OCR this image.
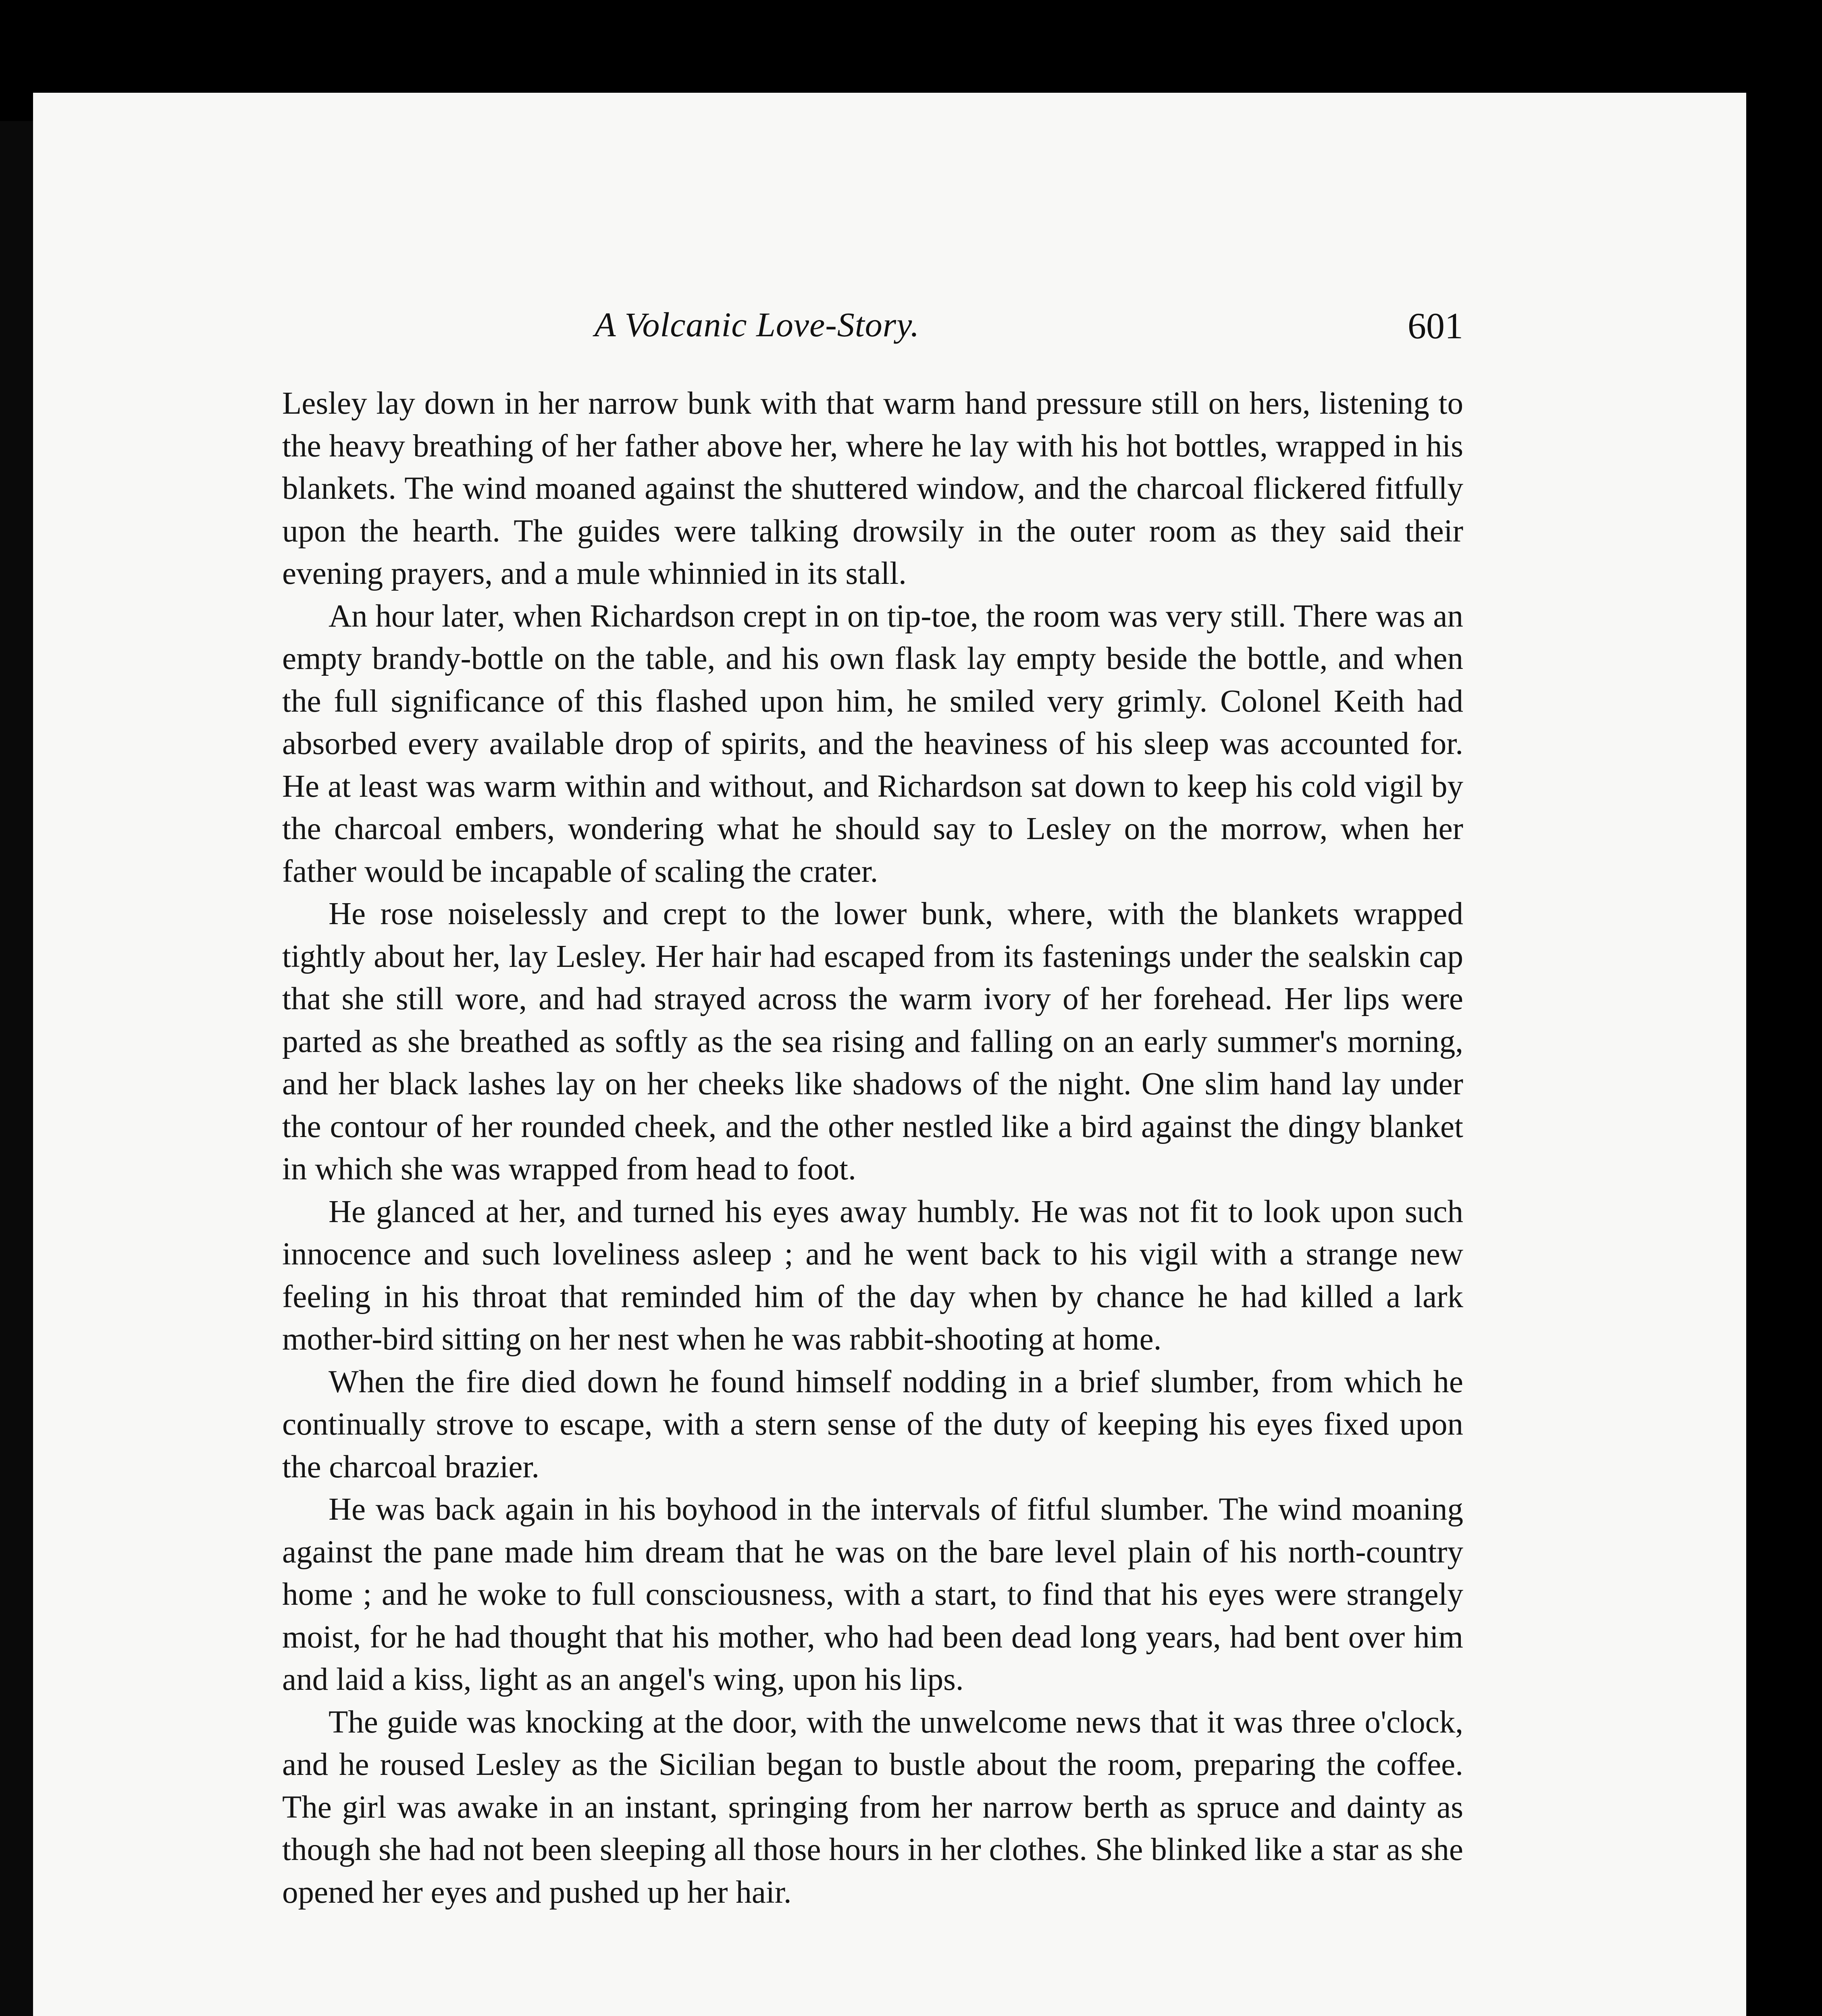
A Volcanic Love-Story.	601

Lesley lay down in her narrow bunk with that warm hand pressure still on hers, listening to the heavy breathing of her father above her, where he lay with his hot bottles, wrapped in his blankets. The wind moaned against the shuttered window, and the charcoal flickered fitfully upon the hearth. The guides were talking drowsily in the outer room as they said their evening prayers, and a mule whinnied in its stall.

An hour later, when Richardson crept in on tip-toe, the room was very still. There was an empty brandy-bottle on the table, and his own flask lay empty beside the bottle, and when the full significance of this flashed upon him, he smiled very grimly. Colonel Keith had absorbed every available drop of spirits, and the heaviness of his sleep was accounted for. He at least was warm within and without, and Richardson sat down to keep his cold vigil by the charcoal embers, wondering what he should say to Lesley on the morrow, when her father would be incapable of scaling the crater.

He rose noiselessly and crept to the lower bunk, where, with the blankets wrapped tightly about her, lay Lesley. Her hair had escaped from its fastenings under the sealskin cap that she still wore, and had strayed across the warm ivory of her forehead. Her lips were parted as she breathed as softly as the sea rising and falling on an early summer's morning, and her black lashes lay on her cheeks like shadows of the night. One slim hand lay under the contour of her rounded cheek, and the other nestled like a bird against the dingy blanket in which she was wrapped from head to foot.

He glanced at her, and turned his eyes away humbly. He was not fit to look upon such innocence and such loveliness asleep ; and he went back to his vigil with a strange new feeling in his throat that reminded him of the day when by chance he had killed a lark mother-bird sitting on her nest when he was rabbit-shooting at home.

When the fire died down he found himself nodding in a brief slumber, from which he continually strove to escape, with a stern sense of the duty of keeping his eyes fixed upon the charcoal brazier.

He was back again in his boyhood in the intervals of fitful slumber. The wind moaning against the pane made him dream that he was on the bare level plain of his north-country home ; and he woke to full consciousness, with a start, to find that his eyes were strangely moist, for he had thought that his mother, who had been dead long years, had bent over him and laid a kiss, light as an angel's wing, upon his lips.

The guide was knocking at the door, with the unwelcome news that it was three o'clock, and he roused Lesley as the Sicilian began to bustle about the room, preparing the coffee. The girl was awake in an instant, springing from her narrow berth as spruce and dainty as though she had not been sleeping all those hours in her clothes. She blinked like a star as she opened her eyes and pushed up her hair.
